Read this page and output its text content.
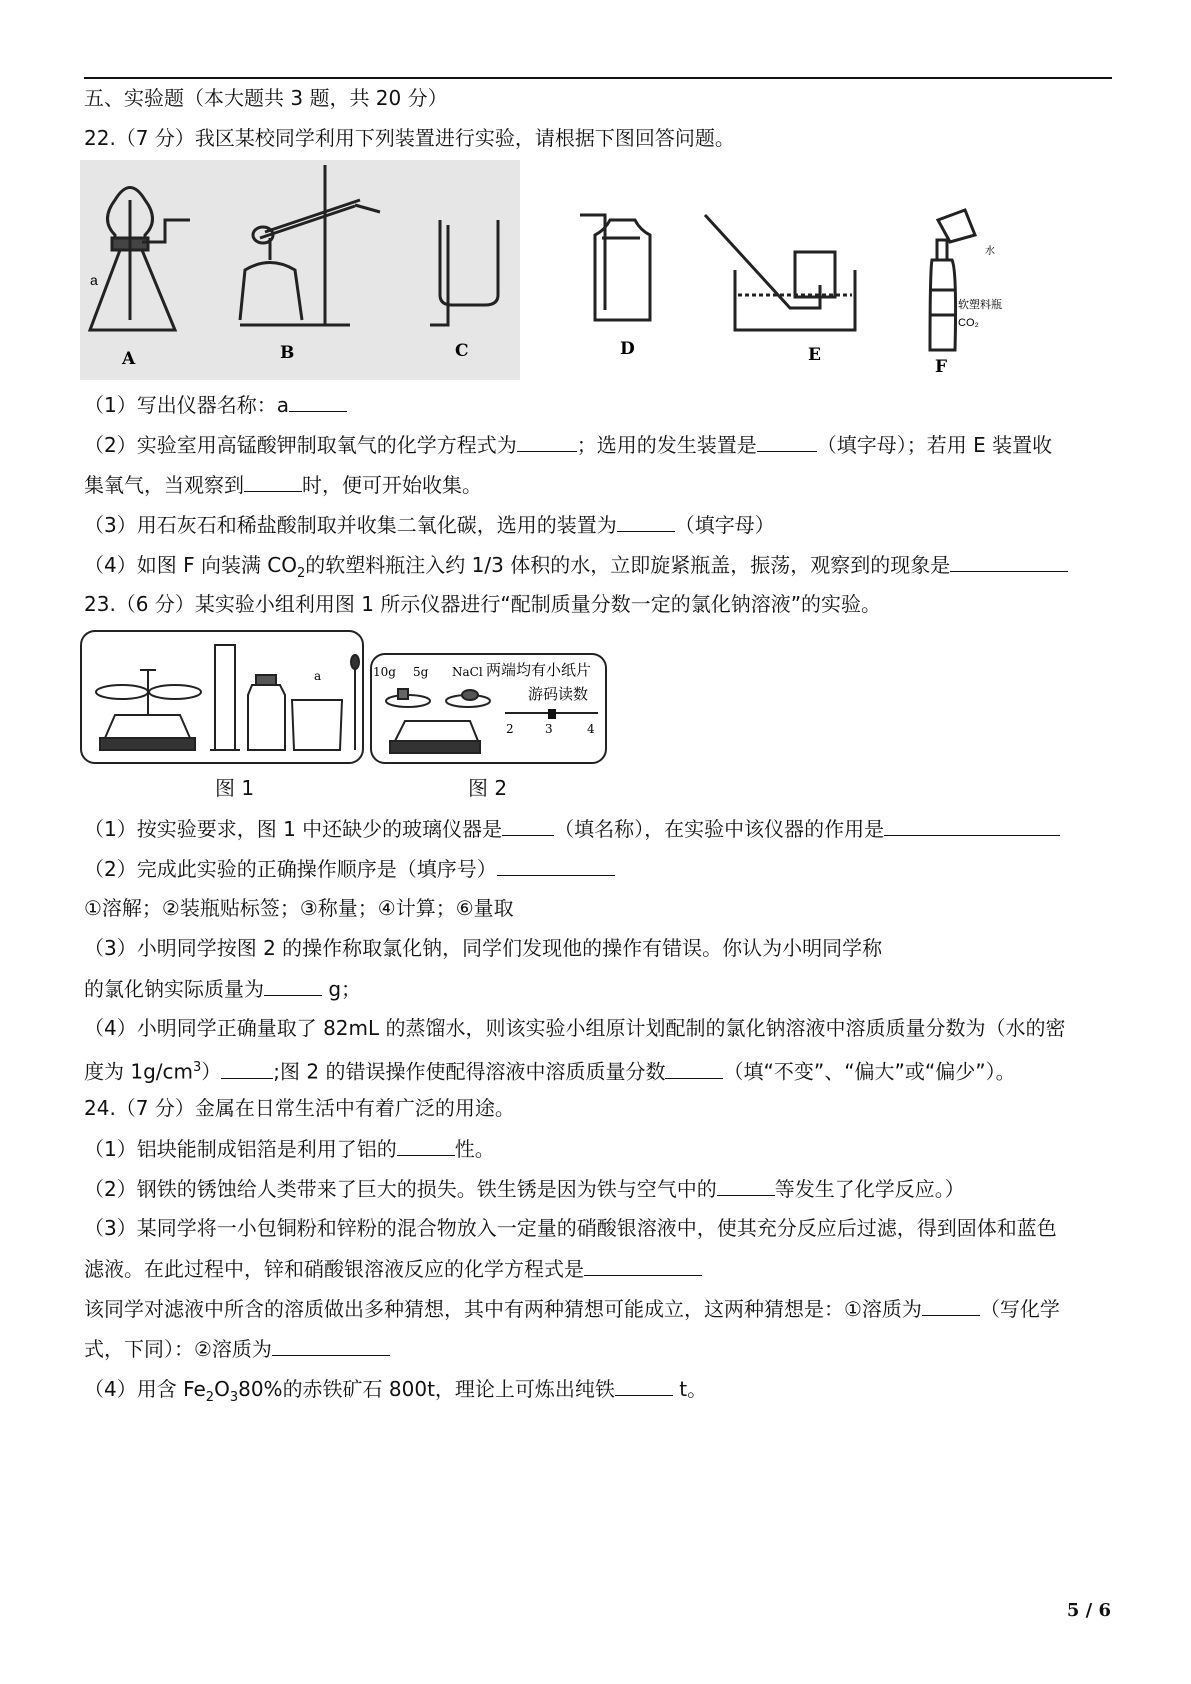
五、实验题（本大题共 3 题，共 20 分）
22.（7 分）我区某校同学利用下列装置进行实验，请根据下图回答问题。
a
水
软塑料瓶
CO₂
A	B	C	D	E
F
（1）写出仪器名称：a
（2）实验室用高锰酸钾制取氧气的化学方程式为	；选用的发生装置是	（填字母）；若用 E 装置收
集氧气，当观察到	时，便可开始收集。
（3）用石灰石和稀盐酸制取并收集二氧化碳，选用的装置为	（填字母）
（4）如图 F 向装满 $CO_2$的软塑料瓶注入约 1/3 体积的水，立即旋紧瓶盖，振荡，观察到的现象是
23.（6 分）某实验小组利用图 1 所示仪器进行“配制质量分数一定的氯化钠溶液”的实验。
a
图 1
10g 5g NaCl
2	3	4
两端均有小纸片
游码读数
图 2
（1）按实验要求，图 1 中还缺少的玻璃仪器是	（填名称），在实验中该仪器的作用是
（2）完成此实验的正确操作顺序是（填序号）
①溶解；②装瓶贴标签；③称量；④计算；⑥量取
（3）小明同学按图 2 的操作称取氯化钠，同学们发现他的操作有错误。你认为小明同学称
的氯化钠实际质量为	g；
（4）小明同学正确量取了 82mL 的蒸馏水，则该实验小组原计划配制的氯化钠溶液中溶质质量分数为（水的密
度为 $1g/cm^3$）	;图 2 的错误操作使配得溶液中溶质质量分数	（填“不变”、“偏大”或“偏少”）。
24.（7 分）金属在日常生活中有着广泛的用途。
（1）铝块能制成铝箔是利用了铝的	性。
（2）钢铁的锈蚀给人类带来了巨大的损失。铁生锈是因为铁与空气中的	等发生了化学反应。）
（3）某同学将一小包铜粉和锌粉的混合物放入一定量的硝酸银溶液中，使其充分反应后过滤，得到固体和蓝色
滤液。在此过程中，锌和硝酸银溶液反应的化学方程式是
该同学对滤液中所含的溶质做出多种猜想，其中有两种猜想可能成立，这两种猜想是：①溶质为	（写化学
式，下同）：②溶质为
（4）用含 $Fe_2O_380\%$的赤铁矿石 800t，理论上可炼出纯铁	t。
5 / 6
